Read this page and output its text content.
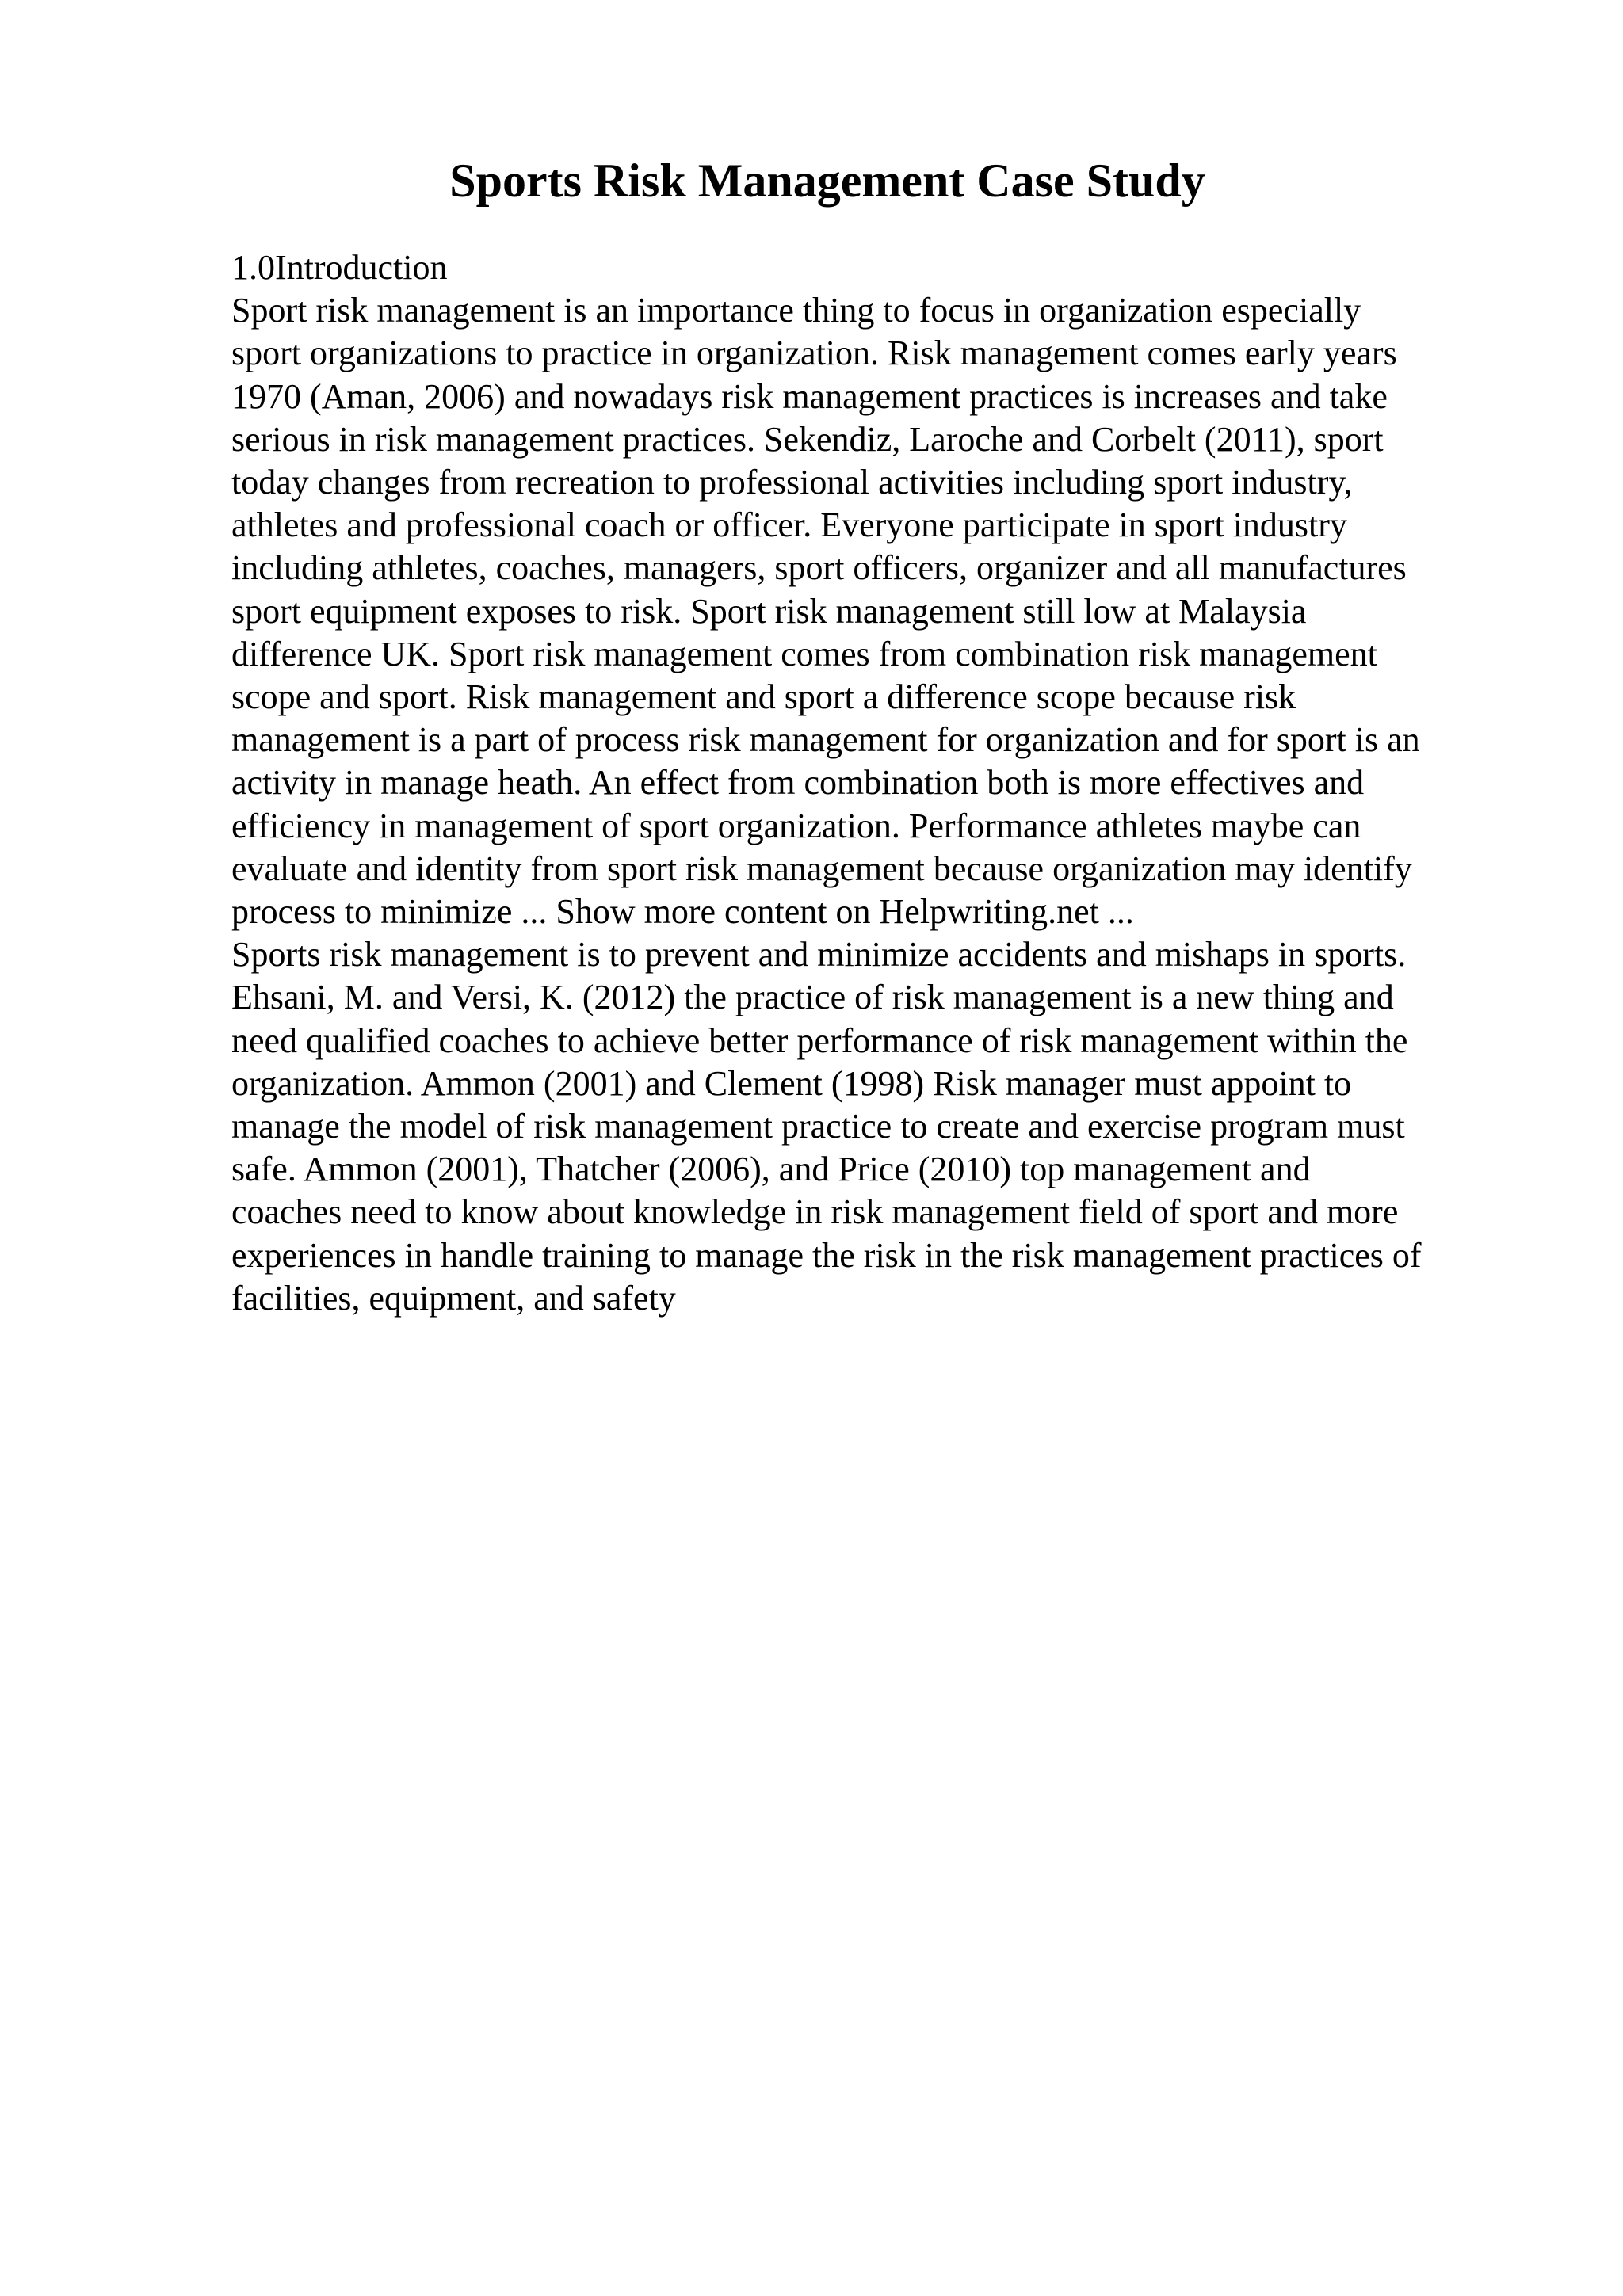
Sports Risk Management Case Study
1.0Introduction
Sport risk management is an importance thing to focus in organization especially
sport organizations to practice in organization. Risk management comes early years
1970 (Aman, 2006) and nowadays risk management practices is increases and take
serious in risk management practices. Sekendiz, Laroche and Corbelt (2011), sport
today changes from recreation to professional activities including sport industry,
athletes and professional coach or officer. Everyone participate in sport industry
including athletes, coaches, managers, sport officers, organizer and all manufactures
sport equipment exposes to risk. Sport risk management still low at Malaysia
difference UK. Sport risk management comes from combination risk management
scope and sport. Risk management and sport a difference scope because risk
management is a part of process risk management for organization and for sport is an
activity in manage heath. An effect from combination both is more effectives and
efficiency in management of sport organization. Performance athletes maybe can
evaluate and identity from sport risk management because organization may identify
process to minimize ... Show more content on Helpwriting.net ...
Sports risk management is to prevent and minimize accidents and mishaps in sports.
Ehsani, M. and Versi, K. (2012) the practice of risk management is a new thing and
need qualified coaches to achieve better performance of risk management within the
organization. Ammon (2001) and Clement (1998) Risk manager must appoint to
manage the model of risk management practice to create and exercise program must
safe. Ammon (2001), Thatcher (2006), and Price (2010) top management and
coaches need to know about knowledge in risk management field of sport and more
experiences in handle training to manage the risk in the risk management practices of
facilities, equipment, and safety
